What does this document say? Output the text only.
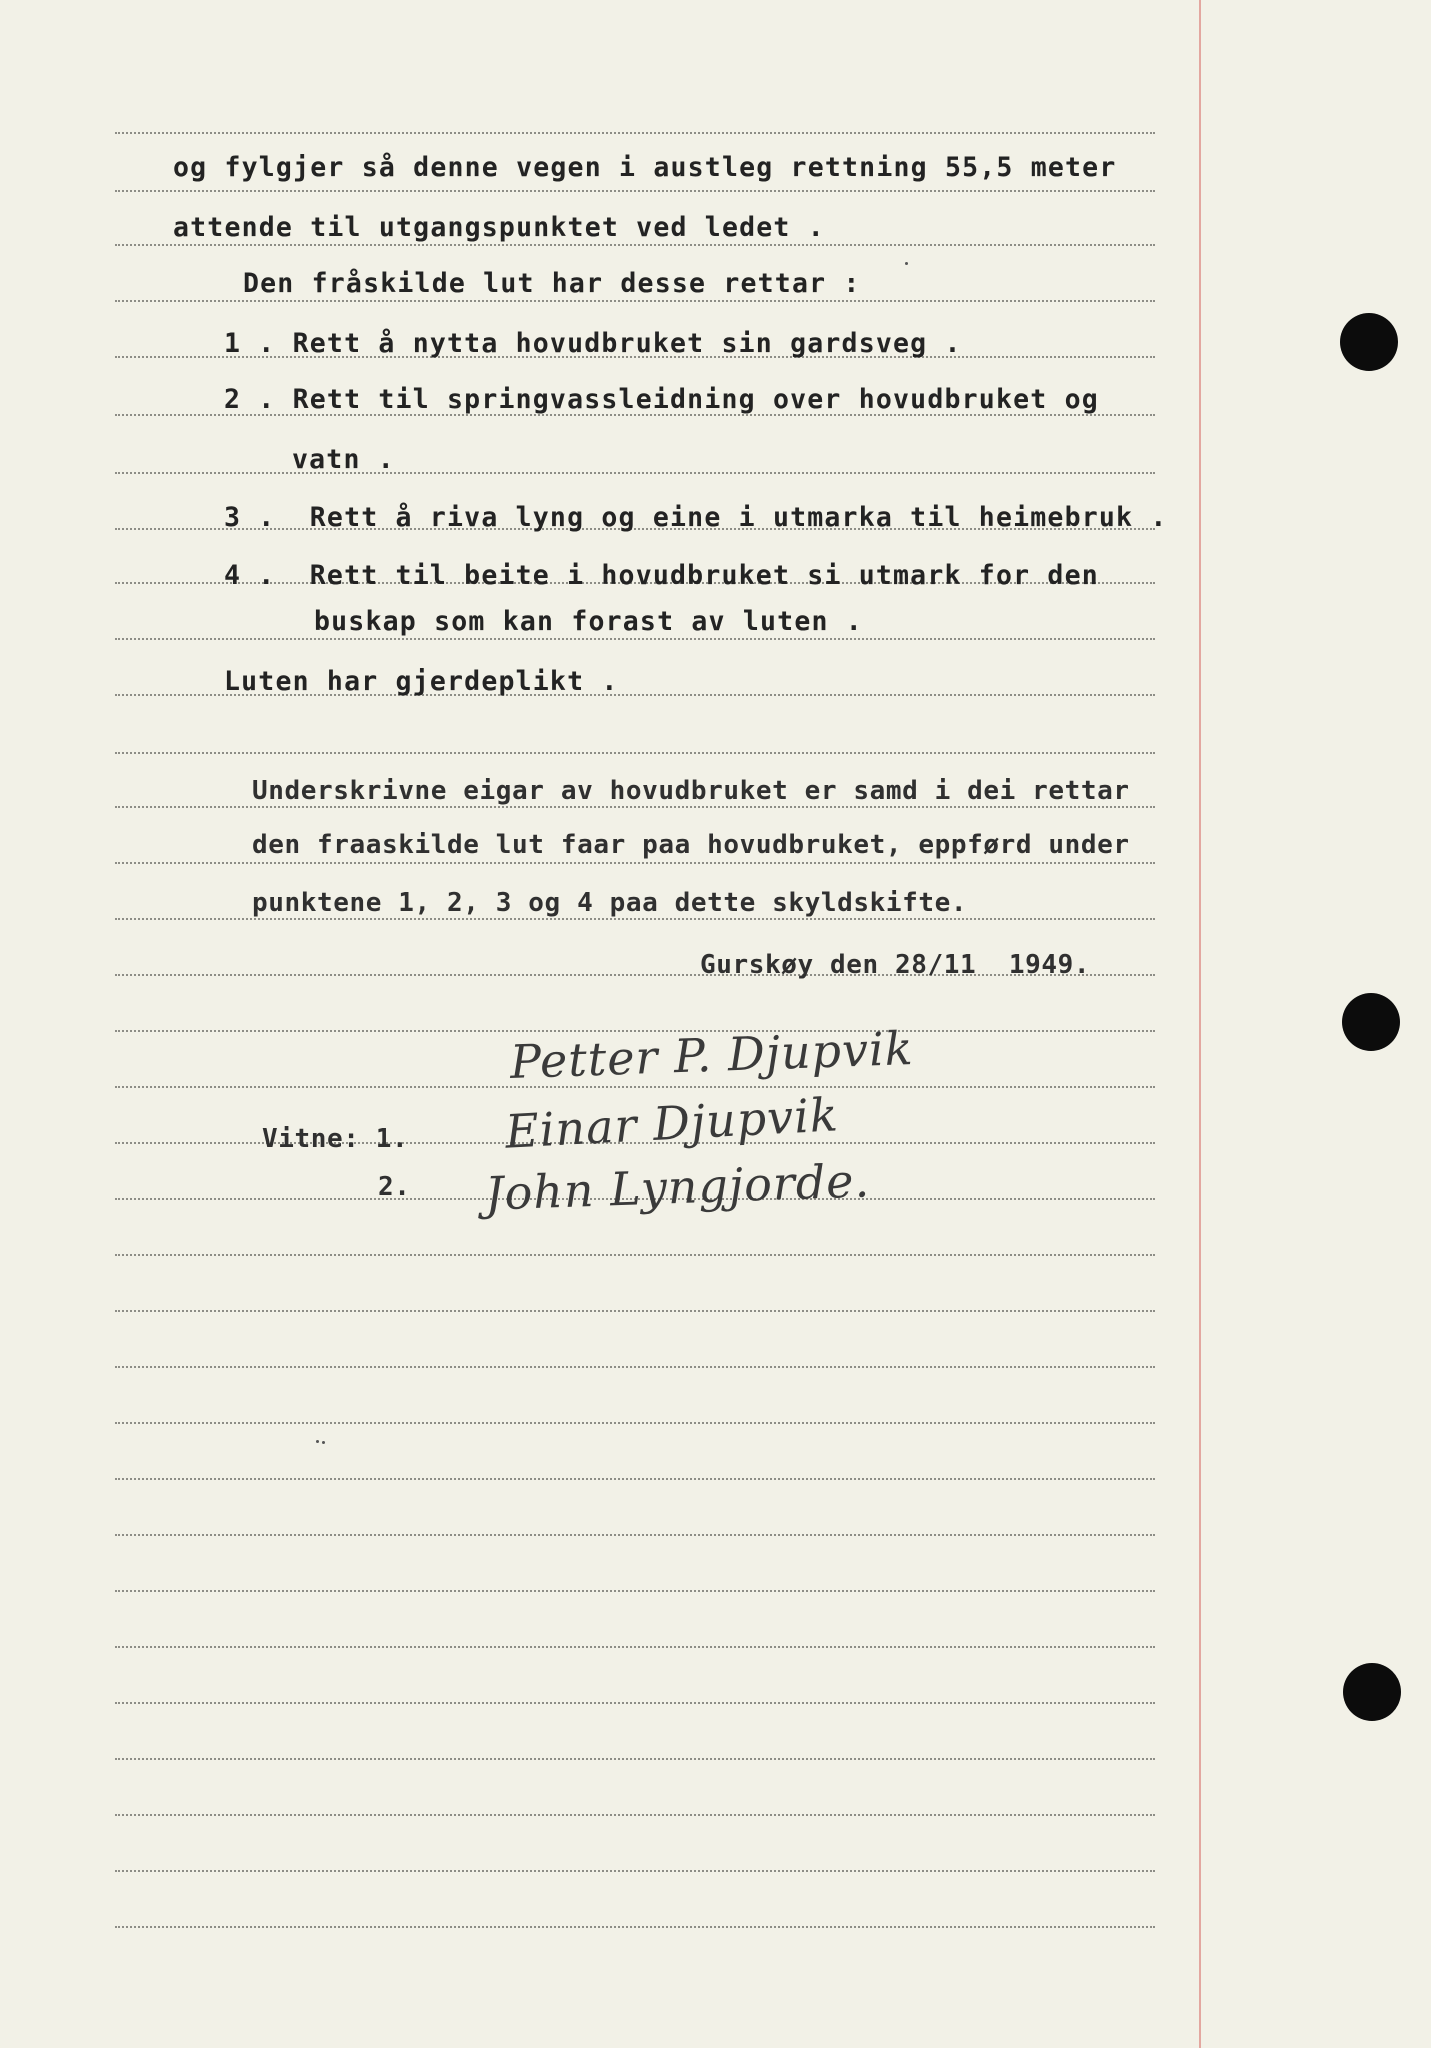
og fylgjer så denne vegen i austleg rettning 55,5 meter
attende til utgangspunktet ved ledet .
Den fråskilde lut har desse rettar :
1 . Rett å nytta hovudbruket sin gardsveg .
2 . Rett til springvassleidning over hovudbruket og
vatn .
3 .  Rett å riva lyng og eine i utmarka til heimebruk .
4 .  Rett til beite i hovudbruket si utmark for den
buskap som kan forast av luten .
Luten har gjerdeplikt .
Underskrivne eigar av hovudbruket er samd i dei rettar
den fraaskilde lut faar paa hovudbruket, eppførd under
punktene 1, 2, 3 og 4 paa dette skyldskifte.
Gurskøy den 28/11  1949.
Petter P. Djupvik
Vitne: 1. Einar Djupvik
2. John Lyngjorde.
